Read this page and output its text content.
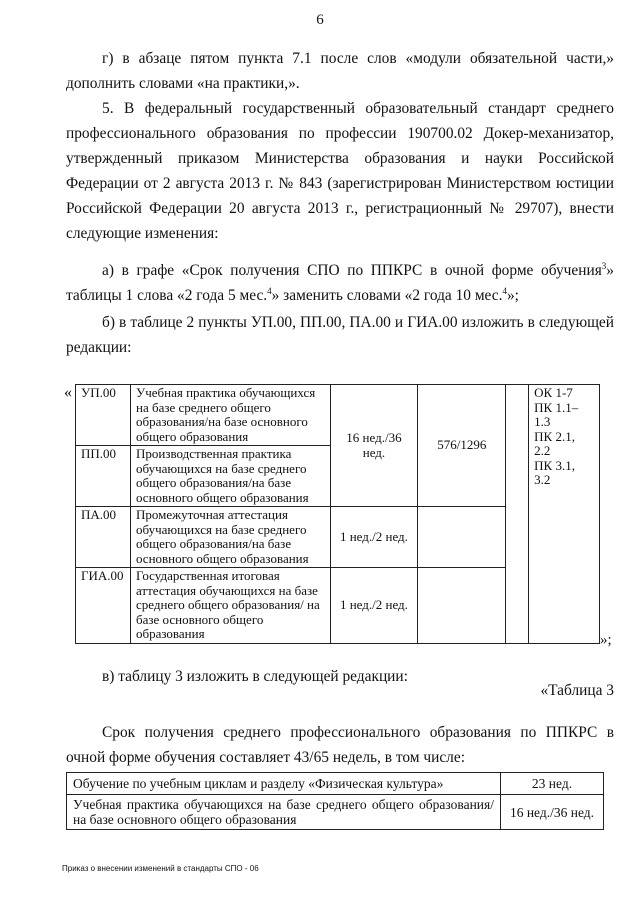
6
г) в абзаце пятом пункта 7.1 после слов «модули обязательной части,» дополнить словами «на практики,».
5. В федеральный государственный образовательный стандарт среднего профессионального образования по профессии 190700.02 Докер-механизатор, утвержденный приказом Министерства образования и науки Российской Федерации от 2 августа 2013 г. № 843 (зарегистрирован Министерством юстиции Российской Федерации 20 августа 2013 г., регистрационный № 29707), внести следующие изменения:
а) в графе «Срок получения СПО по ППКРС в очной форме обучения$^3$» таблицы 1 слова «2 года 5 мес.$^4$» заменить словами «2 года 10 мес.$^4$»;
б) в таблице 2 пункты УП.00, ПП.00, ПА.00 и ГИА.00 изложить в следующей редакции:
« УП.00	Учебная практика обучающихся на базе среднего общего образования/на базе основного общего образования	16 нед./36 нед.	576/1296		ОК 1-7
ПК 1.1–1.3
ПК 2.1, 2.2
ПК 3.1, 3.2

ПП.00	Производственная практика обучающихся на базе среднего общего образования/на базе основного общего образования				
ПА.00	Промежуточная аттестация обучающихся на базе среднего общего образования/на базе основного общего образования	1 нед./2 нед.			
ГИА.00	Государственная итоговая аттестация обучающихся на базе среднего общего образования/ на базе основного общего образования	1 нед./2 нед.			
»;
в) таблицу 3 изложить в следующей редакции:
«Таблица 3
Срок получения среднего профессионального образования по ППКРС в очной форме обучения составляет 43/65 недель, в том числе:
Обучение по учебным циклам и разделу «Физическая культура»	23 нед.
Учебная практика обучающихся на базе среднего общего образования/на базе основного общего образования	16 нед./36 нед.
Приказ о внесении изменений в стандарты СПО - 06
